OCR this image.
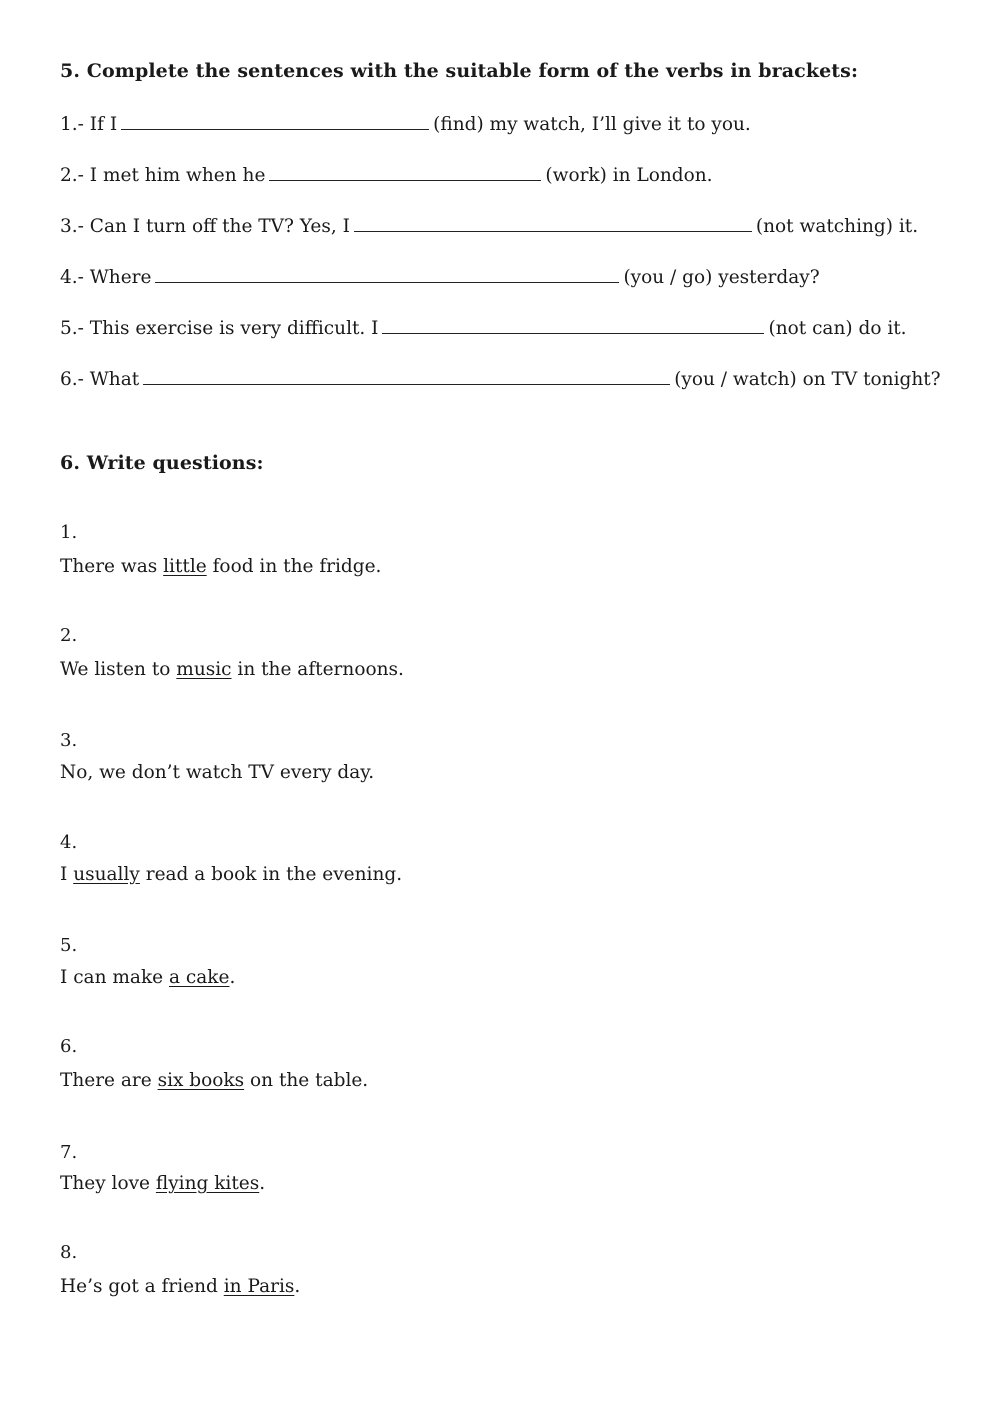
5. Complete the sentences with the suitable form of the verbs in brackets:
1.- If I	(find) my watch, I’ll give it to you.
2.- I met him when he	(work) in London.
3.- Can I turn off the TV? Yes, I	(not watching) it.
4.- Where	(you / go) yesterday?
5.- This exercise is very difficult. I	(not can) do it.
6.- What	(you / watch) on TV tonight?
6. Write questions:
1.
There was little food in the fridge.
2.
We listen to music in the afternoons.
3.
No, we don’t watch TV every day.
4.
I usually read a book in the evening.
5.
I can make a cake.
6.
There are six books on the table.
7.
They love flying kites.
8.
He’s got a friend in Paris.
